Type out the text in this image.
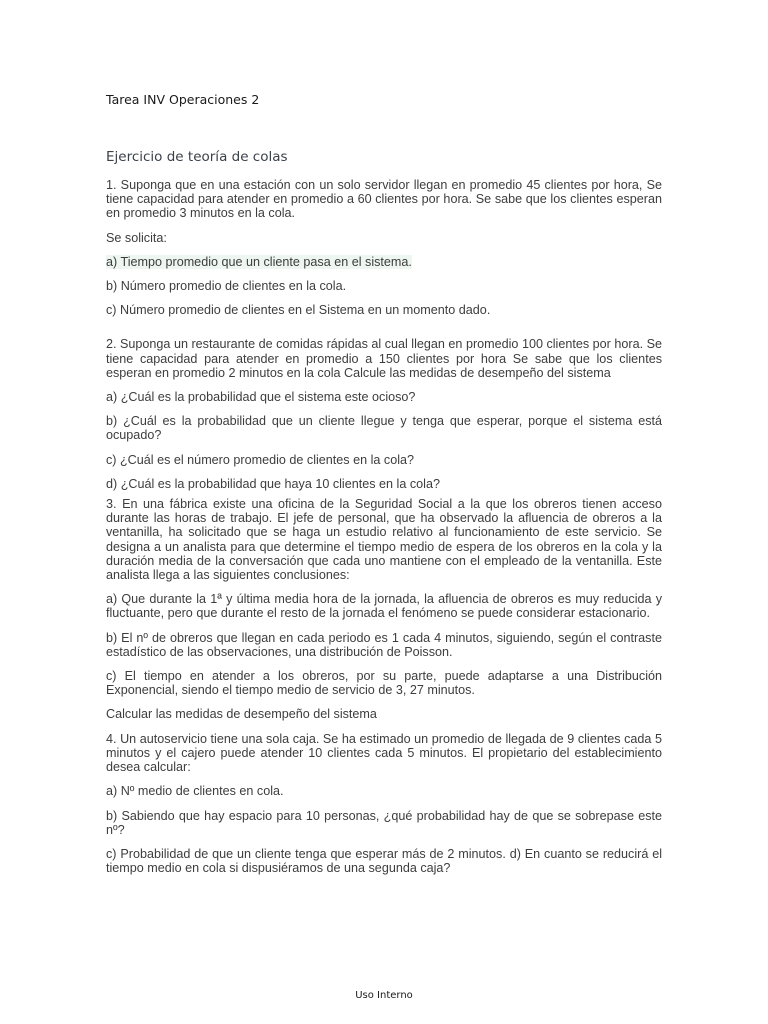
Tarea INV Operaciones 2
Ejercicio de teoría de colas

1. Suponga que en una estación con un solo servidor llegan en promedio 45 clientes por hora, Se tiene capacidad para atender en promedio a 60 clientes por hora. Se sabe que los clientes esperan en promedio 3 minutos en la cola.

Se solicita:

a) Tiempo promedio que un cliente pasa en el sistema.

b) Número promedio de clientes en la cola.

c) Número promedio de clientes en el Sistema en un momento dado.

2. Suponga un restaurante de comidas rápidas al cual llegan en promedio 100 clientes por hora. Se tiene capacidad para atender en promedio a 150 clientes por hora Se sabe que los clientes esperan en promedio 2 minutos en la cola Calcule las medidas de desempeño del sistema

a) ¿Cuál es la probabilidad que el sistema este ocioso?

b) ¿Cuál es la probabilidad que un cliente llegue y tenga que esperar, porque el sistema está ocupado?

c) ¿Cuál es el número promedio de clientes en la cola?

d) ¿Cuál es la probabilidad que haya 10 clientes en la cola?

3. En una fábrica existe una oficina de la Seguridad Social a la que los obreros tienen acceso durante las horas de trabajo. El jefe de personal, que ha observado la afluencia de obreros a la ventanilla, ha solicitado que se haga un estudio relativo al funcionamiento de este servicio. Se designa a un analista para que determine el tiempo medio de espera de los obreros en la cola y la duración media de la conversación que cada uno mantiene con el empleado de la ventanilla. Este analista llega a las siguientes conclusiones:

a) Que durante la 1ª y última media hora de la jornada, la afluencia de obreros es muy reducida y fluctuante, pero que durante el resto de la jornada el fenómeno se puede considerar estacionario.

b) El nº de obreros que llegan en cada periodo es 1 cada 4 minutos, siguiendo, según el contraste estadístico de las observaciones, una distribución de Poisson.

c) El tiempo en atender a los obreros, por su parte, puede adaptarse a una Distribución Exponencial, siendo el tiempo medio de servicio de 3, 27 minutos.

Calcular las medidas de desempeño del sistema

4. Un autoservicio tiene una sola caja. Se ha estimado un promedio de llegada de 9 clientes cada 5 minutos y el cajero puede atender 10 clientes cada 5 minutos. El propietario del establecimiento desea calcular:

a) Nº medio de clientes en cola.

b) Sabiendo que hay espacio para 10 personas, ¿qué probabilidad hay de que se sobrepase este nº?

c) Probabilidad de que un cliente tenga que esperar más de 2 minutos. d) En cuanto se reducirá el tiempo medio en cola si dispusiéramos de una segunda caja?

Uso Interno
